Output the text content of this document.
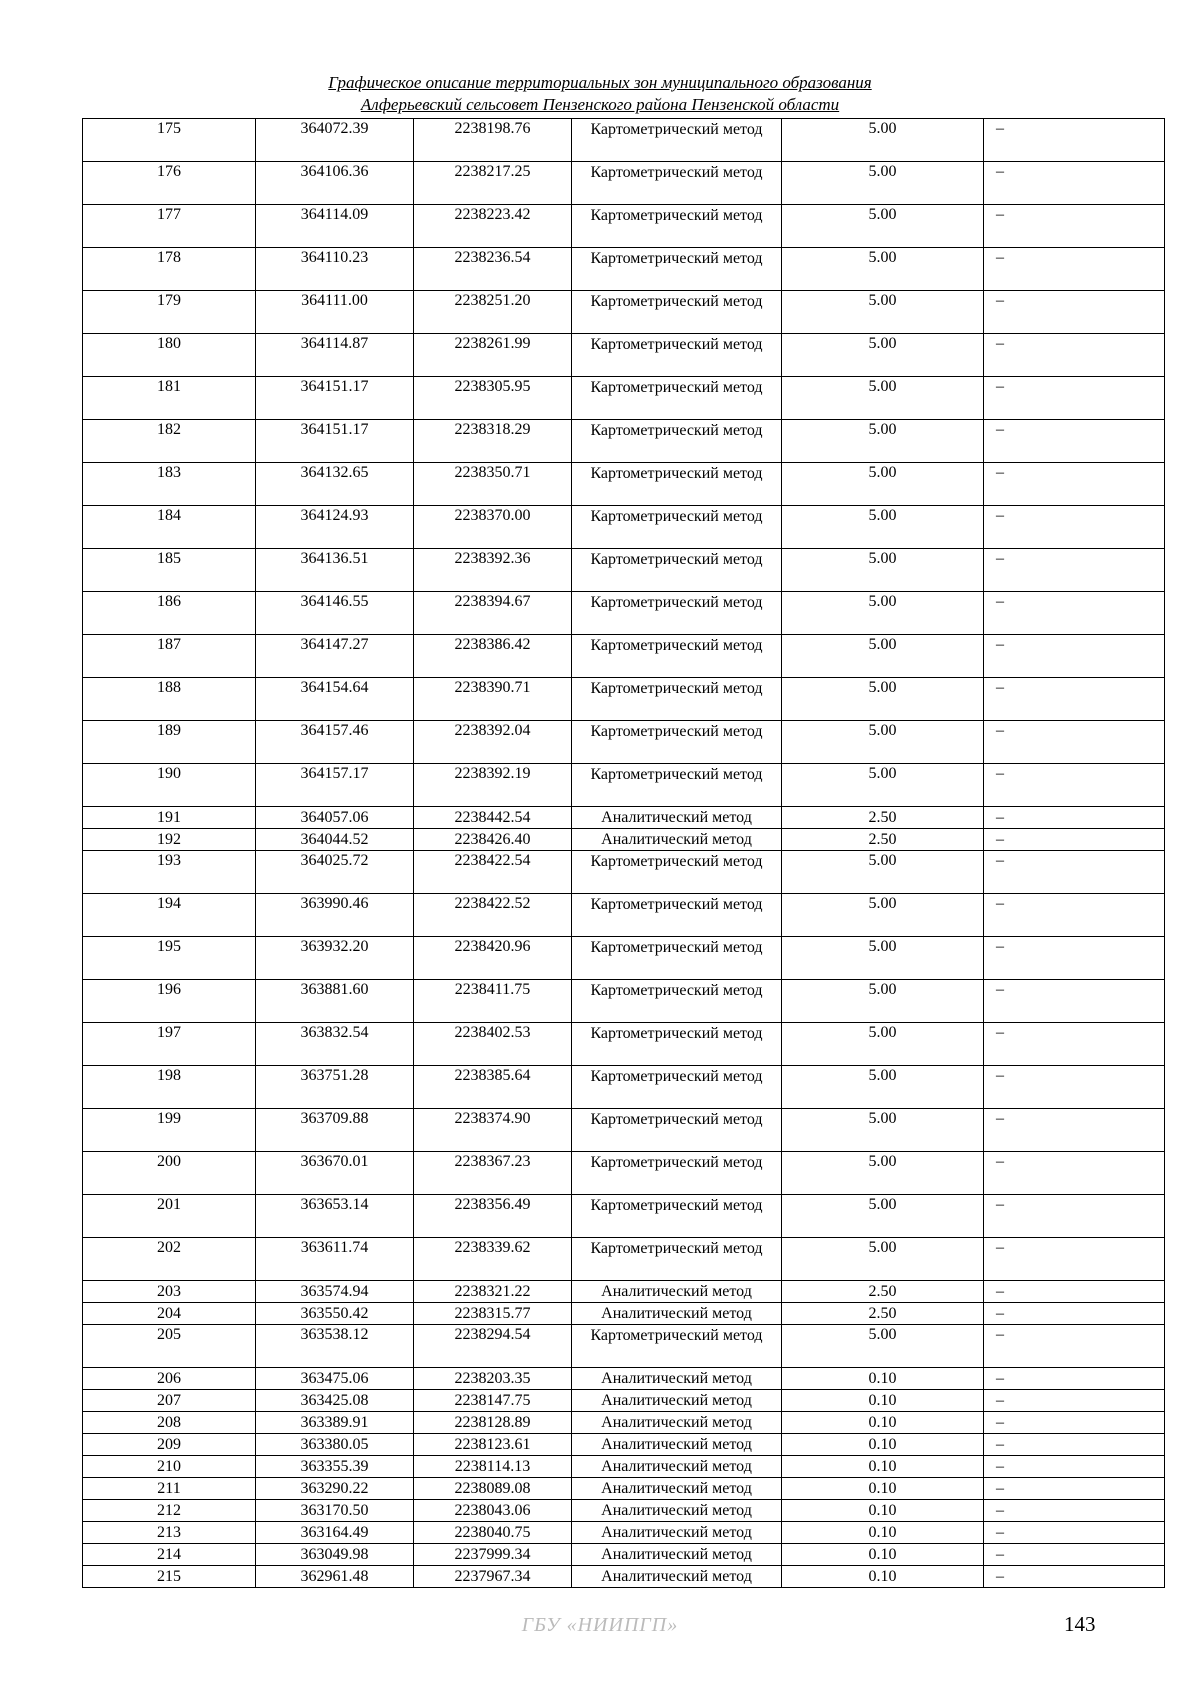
Графическое описание территориальных зон муниципального образования
Алферьевский сельсовет Пензенского района Пензенской области
175	364072.39	2238198.76	Картометрический метод	5.00	–
176	364106.36	2238217.25	Картометрический метод	5.00	–
177	364114.09	2238223.42	Картометрический метод	5.00	–
178	364110.23	2238236.54	Картометрический метод	5.00	–
179	364111.00	2238251.20	Картометрический метод	5.00	–
180	364114.87	2238261.99	Картометрический метод	5.00	–
181	364151.17	2238305.95	Картометрический метод	5.00	–
182	364151.17	2238318.29	Картометрический метод	5.00	–
183	364132.65	2238350.71	Картометрический метод	5.00	–
184	364124.93	2238370.00	Картометрический метод	5.00	–
185	364136.51	2238392.36	Картометрический метод	5.00	–
186	364146.55	2238394.67	Картометрический метод	5.00	–
187	364147.27	2238386.42	Картометрический метод	5.00	–
188	364154.64	2238390.71	Картометрический метод	5.00	–
189	364157.46	2238392.04	Картометрический метод	5.00	–
190	364157.17	2238392.19	Картометрический метод	5.00	–
191	364057.06	2238442.54	Аналитический метод	2.50	–
192	364044.52	2238426.40	Аналитический метод	2.50	–
193	364025.72	2238422.54	Картометрический метод	5.00	–
194	363990.46	2238422.52	Картометрический метод	5.00	–
195	363932.20	2238420.96	Картометрический метод	5.00	–
196	363881.60	2238411.75	Картометрический метод	5.00	–
197	363832.54	2238402.53	Картометрический метод	5.00	–
198	363751.28	2238385.64	Картометрический метод	5.00	–
199	363709.88	2238374.90	Картометрический метод	5.00	–
200	363670.01	2238367.23	Картометрический метод	5.00	–
201	363653.14	2238356.49	Картометрический метод	5.00	–
202	363611.74	2238339.62	Картометрический метод	5.00	–
203	363574.94	2238321.22	Аналитический метод	2.50	–
204	363550.42	2238315.77	Аналитический метод	2.50	–
205	363538.12	2238294.54	Картометрический метод	5.00	–
206	363475.06	2238203.35	Аналитический метод	0.10	–
207	363425.08	2238147.75	Аналитический метод	0.10	–
208	363389.91	2238128.89	Аналитический метод	0.10	–
209	363380.05	2238123.61	Аналитический метод	0.10	–
210	363355.39	2238114.13	Аналитический метод	0.10	–
211	363290.22	2238089.08	Аналитический метод	0.10	–
212	363170.50	2238043.06	Аналитический метод	0.10	–
213	363164.49	2238040.75	Аналитический метод	0.10	–
214	363049.98	2237999.34	Аналитический метод	0.10	–
215	362961.48	2237967.34	Аналитический метод	0.10	–
ГБУ «НИИПГП»	143
